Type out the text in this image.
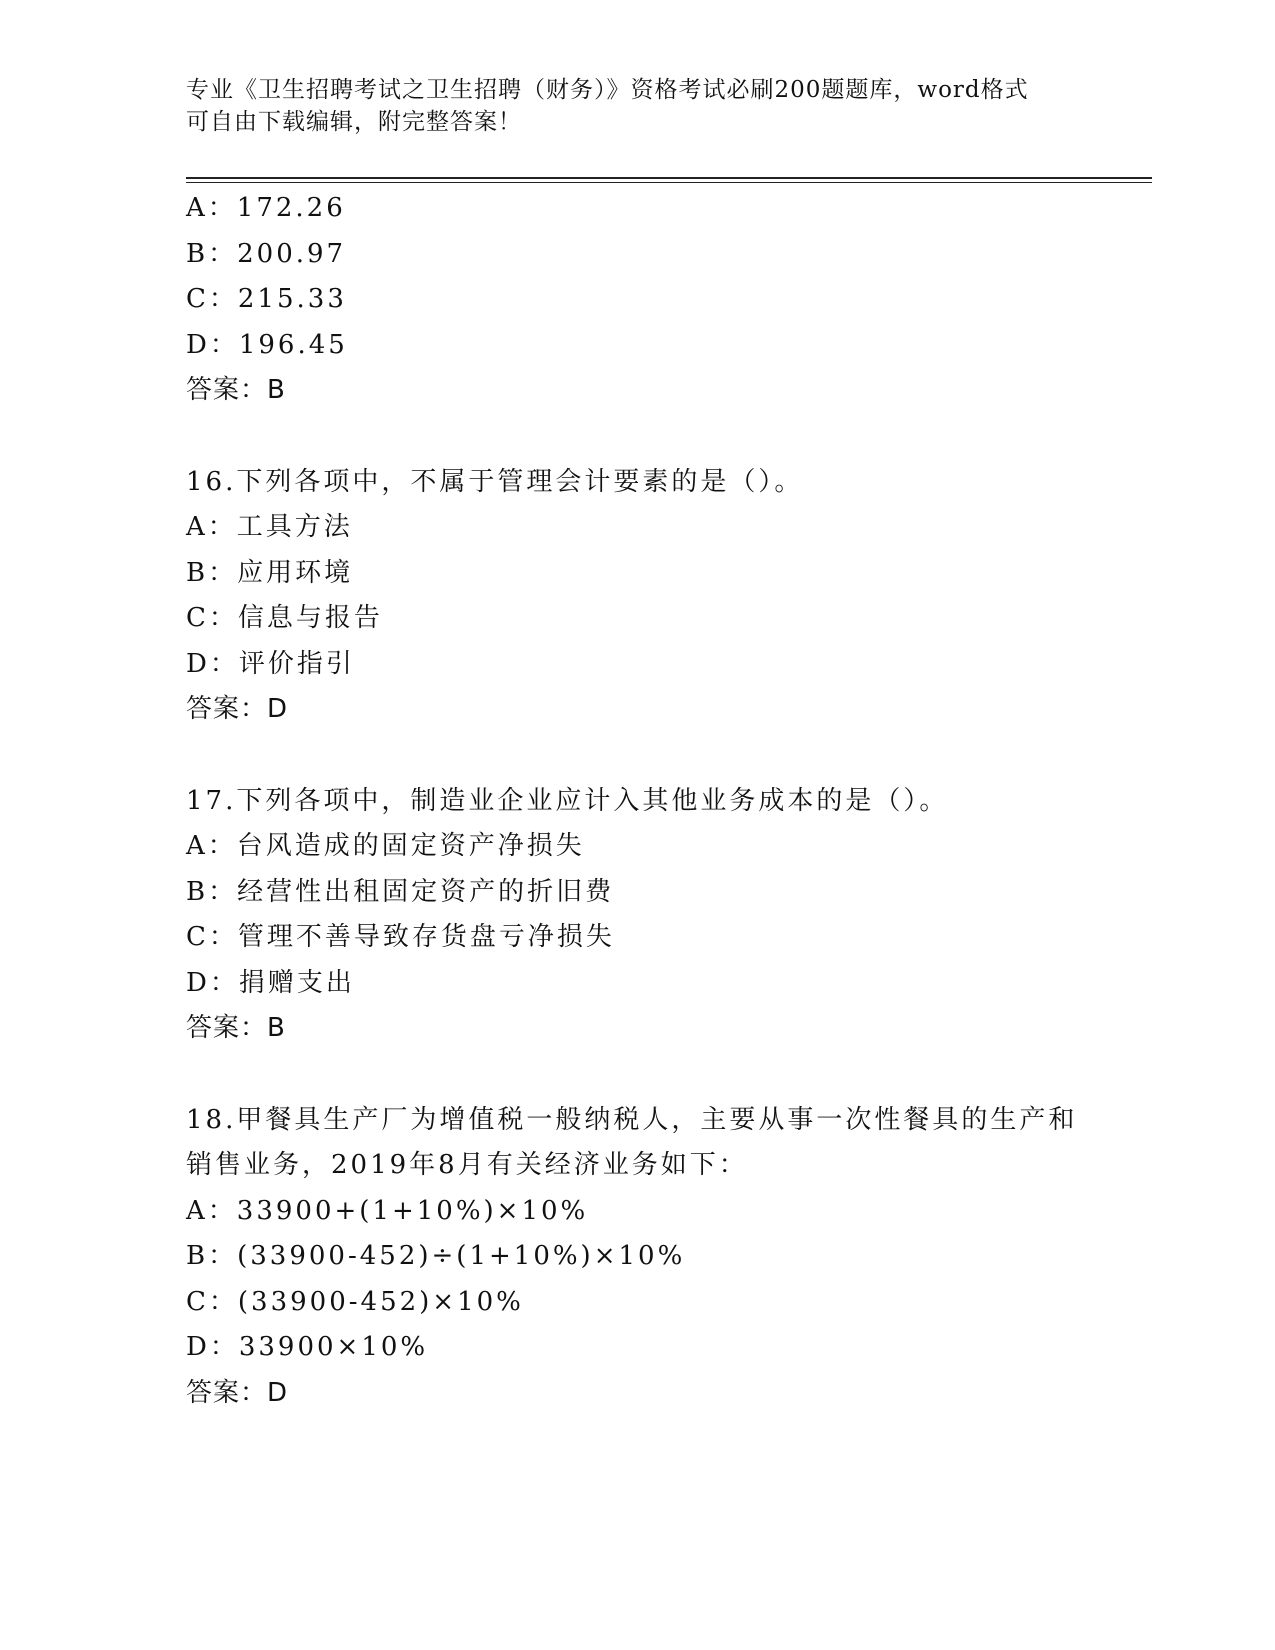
专业《卫生招聘考试之卫生招聘（财务）》资格考试必刷200题题库，word格式
可自由下载编辑，附完整答案！
A：172.26
B：200.97
C：215.33
D：196.45
答案：B
16.下列各项中，不属于管理会计要素的是（）。
A：工具方法
B：应用环境
C：信息与报告
D：评价指引
答案：D
17.下列各项中，制造业企业应计入其他业务成本的是（）。
A：台风造成的固定资产净损失
B：经营性出租固定资产的折旧费
C：管理不善导致存货盘亏净损失
D：捐赠支出
答案：B
18.甲餐具生产厂为增值税一般纳税人，主要从事一次性餐具的生产和
销售业务，2019年8月有关经济业务如下：
A：33900+(1+10%)×10%
B：(33900-452)÷(1+10%)×10%
C：(33900-452)×10%
D：33900×10%
答案：D
